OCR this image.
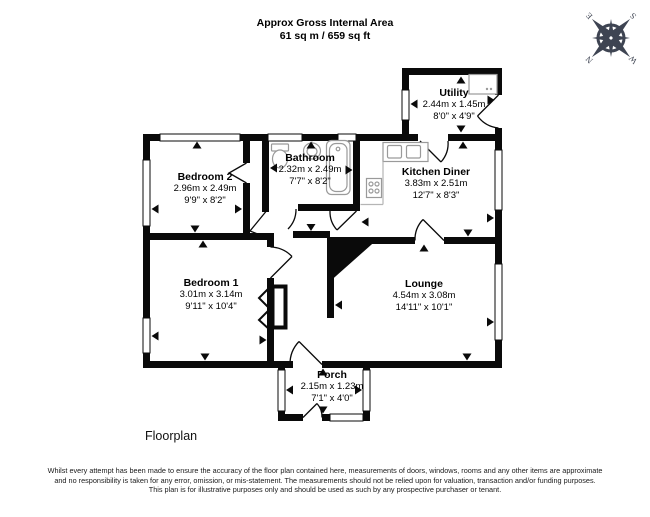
N
S
E
W
Approx Gross Internal Area
61 sq m / 659 sq ft
Utility
2.44m x 1.45m
8'0" x 4'9"
Bathroom
2.32m x 2.49m
7'7" x 8'2"
Kitchen Diner
3.83m x 2.51m
12'7" x 8'3"
Bedroom 2
2.96m x 2.49m
9'9" x 8'2"
Bedroom 1
3.01m x 3.14m
9'11" x 10'4"
Lounge
4.54m x 3.08m
14'11" x 10'1"
Porch
2.15m x 1.23m
7'1" x 4'0"
Floorplan
Whilst every attempt has been made to ensure the accuracy of the floor plan contained here, measurements of doors, windows, rooms and any other items are approximate and no responsibility is taken for any error, omission, or mis-statement. The measurements should not be relied upon for valuation, transaction and/or funding purposes. This plan is for illustrative purposes only and should be used as such by any prospective purchaser or tenant.
